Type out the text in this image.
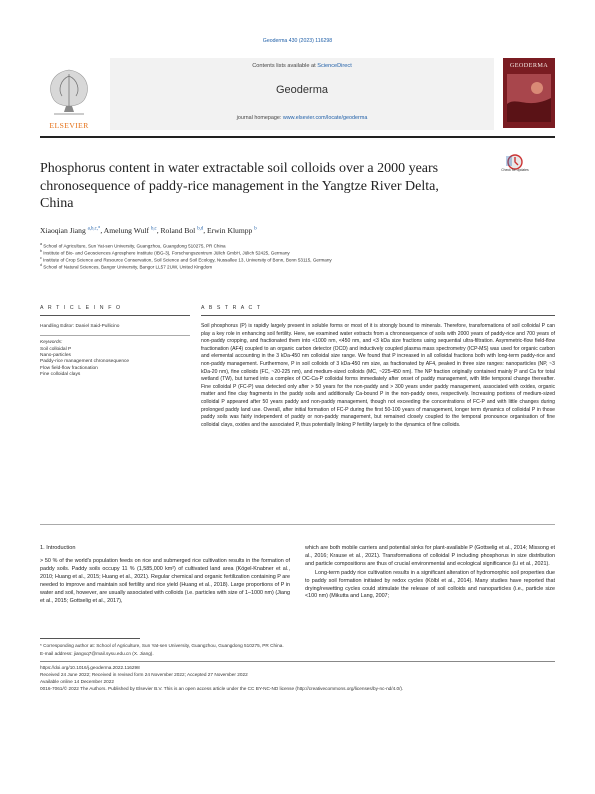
Geoderma 430 (2023) 116298
ELSEVIER
Contents lists available at ScienceDirect
Geoderma
journal homepage: www.elsevier.com/locate/geoderma
GEODERMA
Phosphorus content in water extractable soil colloids over a 2000 years chronosequence of paddy-rice management in the Yangtze River Delta, China
Check for updates
Xiaoqian Jiang $^{a,b,c,*}$, Amelung Wulf $^{b,c}$, Roland Bol $^{b,d}$, Erwin Klumpp $^b$
$^a$ School of Agriculture, Sun Yat-sen University, Guangzhou, Guangdong 510275, PR China
$^b$ Institute of Bio- and Geosciences Agrosphere Institute (IBG-3), Forschungszentrum Jülich GmbH, Jülich 52425, Germany
$^c$ Institute of Crop Science and Resource Conservation, Soil Science and Soil Ecology, Nussallee 13, University of Bonn, Bonn 53115, Germany
$^d$ School of Natural Sciences, Bangor University, Bangor LL57 2UW, United Kingdom
A R T I C L E I N F O	A B S T R A C T
Handling Editor: Daniel Said-Pullicino
Keywords:
Soil colloidal P
Nano-particles
Paddy-rice management chronosequence
Flow field-flow fractionation
Fine colloidal clays
Soil phosphorus (P) is rapidly largely present in soluble forms or most of it is strongly bound to minerals. Therefore, transformations of soil colloidal P can play a key role in enhancing soil fertility. Here, we examined water extracts from a chronosequence of soils with 2000 years of paddy-rice and 700 years of non-paddy cropping, and fractionated them into <1000 nm, <450 nm, and <3 kDa size fractions using sequential ultra-filtration. Asymmetric-flow field-flow fractionation (AF4) coupled to an organic carbon detector (OCD) and inductively coupled plasma mass spectrometry (ICP-MS) was used for organic carbon and elemental accounting in the 3 kDa-450 nm colloidal size range. We found that P increased in all colloidal fractions both with long-term paddy-rice and non-paddy management. Furthermore, P in soil colloids of 3 kDa-450 nm size, as fractionated by AF4, peaked in three size ranges: nanoparticles (NP, ~3 kDa-20 nm), fine colloids (FC, ~20-225 nm), and medium-sized colloids (MC, ~225-450 nm). The NP fraction originally contained mainly P and Ca for total wetland (TW), but turned into a complex of OC-Ca-P colloidal forms immediately after onset of paddy management, with little temporal change thereafter. Fine colloidal P (FC-P) was detected only after > 50 years for the non-paddy and > 300 years under paddy management, associated with oxides, organic matter and fine clay fragments in the paddy soils and additionally Ca-bound P in the non-paddy ones, respectively. Increasing portions of medium-sized colloidal P appeared after 50 years paddy and non-paddy management, though not exceeding the concentrations of FC-P and with little changes during prolonged paddy land use. Overall, after initial formation of FC-P during the first 50-100 years of management, longer term dynamics of colloidal P in those paddy soils was fairly independent of paddy or non-paddy management, but remained closely coupled to the temporal pronounce organisation of fine colloidal clays, oxides and the associated P, thus potentially linking P fertility largely to the dynamics of fine colloids.
1. Introduction
> 50 % of the world's population feeds on rice and submerged rice cultivation results in the formation of paddy soils. Paddy soils occupy 11 % (1,585,000 km²) of cultivated land area (Kögel-Knabner et al., 2010; Huang et al., 2015; Huang et al., 2021). Regular chemical and organic fertilization containing P are needed to improve and maintain soil fertility and rice yield (Huang et al., 2018). Large proportions of P in water and soil, however, are usually associated with colloids (i.e. particles with size of 1–1000 nm) (Jiang et al., 2015; Gottselig et al., 2017),
which are both mobile carriers and potential sinks for plant-available P (Gottselig et al., 2014; Missong et al., 2016; Krause et al., 2021). Transformations of colloidal P including phosphorus in size distribution and particle compositions are thus of crucial environmental and ecological significance (Li et al., 2021).
Long-term paddy rice cultivation results in a significant alteration of hydromorphic soil properties due to paddy soil formation initiated by redox cycles (Kölbl et al., 2014). Many studies have reported that drying/rewetting cycles could stimulate the release of soil colloids and nanoparticles (i.e., particle size <100 nm) (Mikutta and Lang, 2007;
* Corresponding author at: School of Agriculture, Sun Yat-sen University, Guangzhou, Guangdong 510275, PR China.
E-mail address: jiangxq7@mail.sysu.edu.cn (X. Jiang).
https://doi.org/10.1016/j.geoderma.2022.116298
Received 24 June 2022; Received in revised form 24 November 2022; Accepted 27 November 2022
Available online 14 December 2022
0016-7061/© 2022 The Authors. Published by Elsevier B.V. This is an open access article under the CC BY-NC-ND license (http://creativecommons.org/licenses/by-nc-nd/4.0/).
